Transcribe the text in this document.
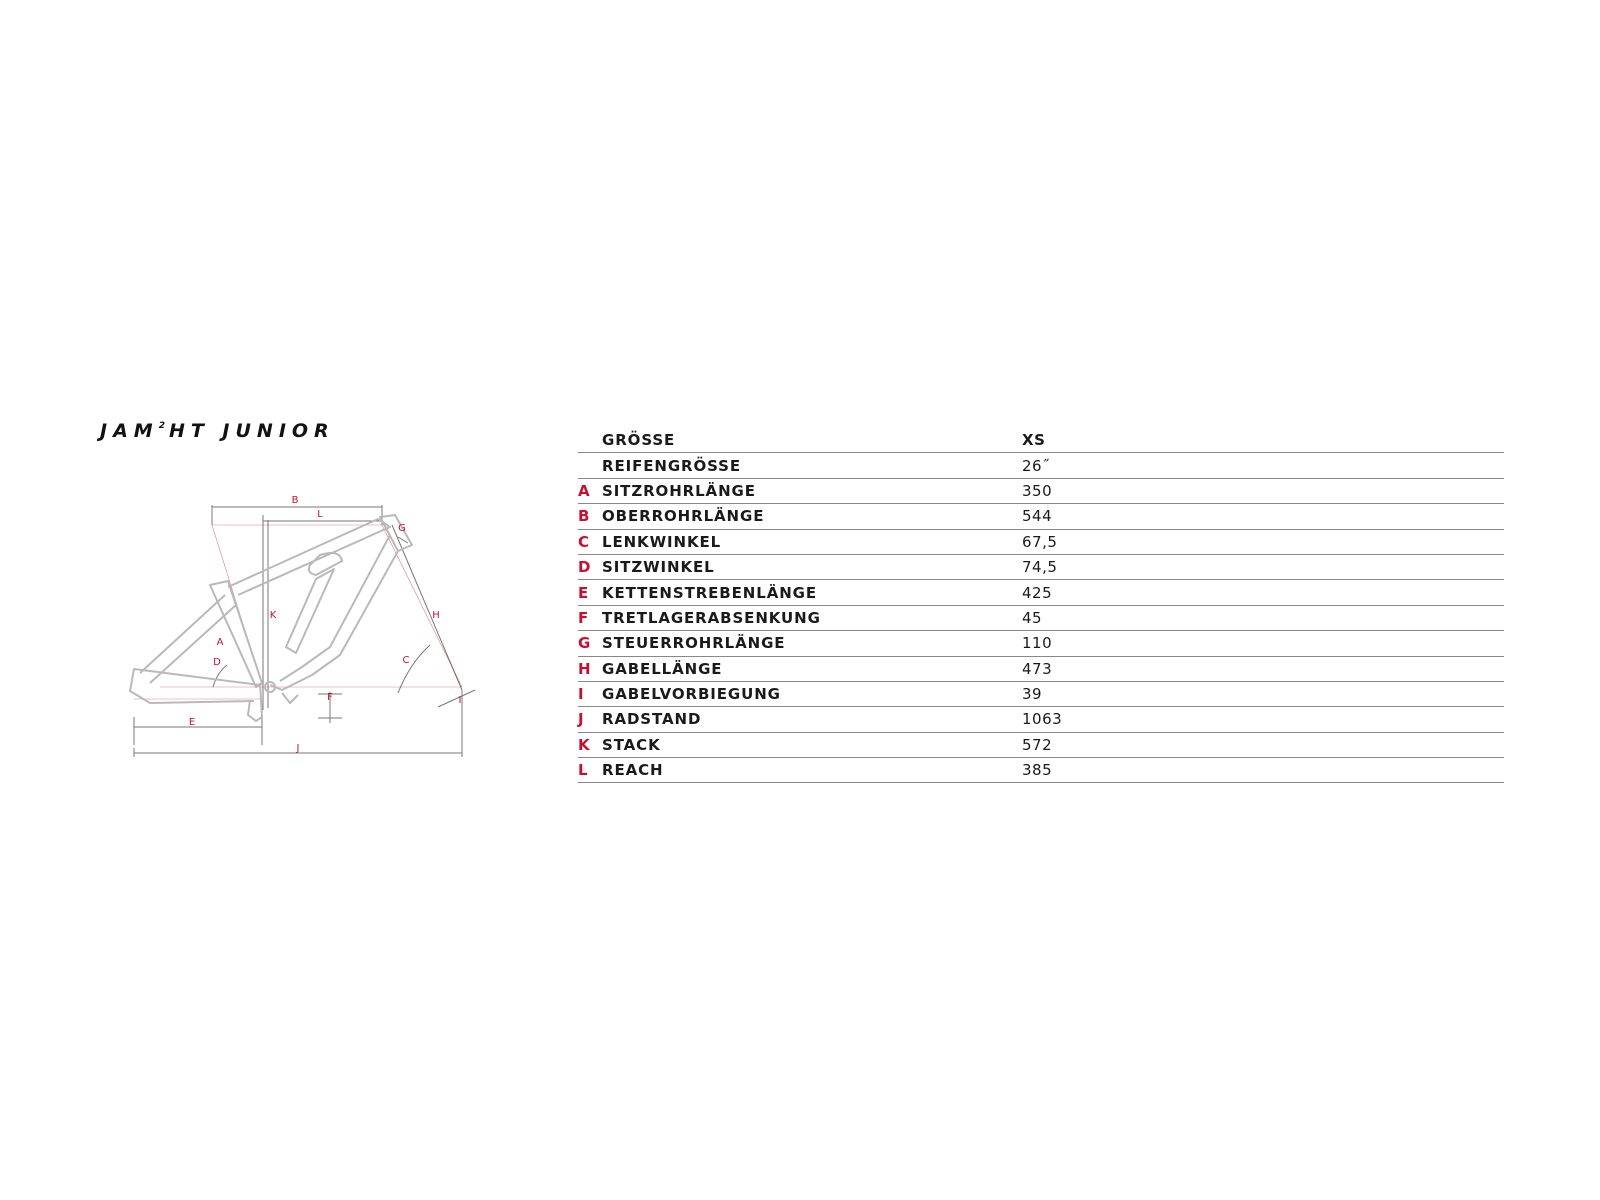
JAM$^2$ HT JUNIOR
B
L
G
K	H
A
D	C
F	I
E
J
	GRÖSSE	XS
	REIFENGRÖSSE	26˝
A	SITZROHRLÄNGE	350
B	OBERROHRLÄNGE	544
C	LENKWINKEL	67,5
D	SITZWINKEL	74,5
E	KETTENSTREBENLÄNGE	425
F	TRETLAGERABSENKUNG	45
G	STEUERROHRLÄNGE	110
H	GABELLÄNGE	473
I	GABELVORBIEGUNG	39
J	RADSTAND	1063
K	STACK	572
L	REACH	385
